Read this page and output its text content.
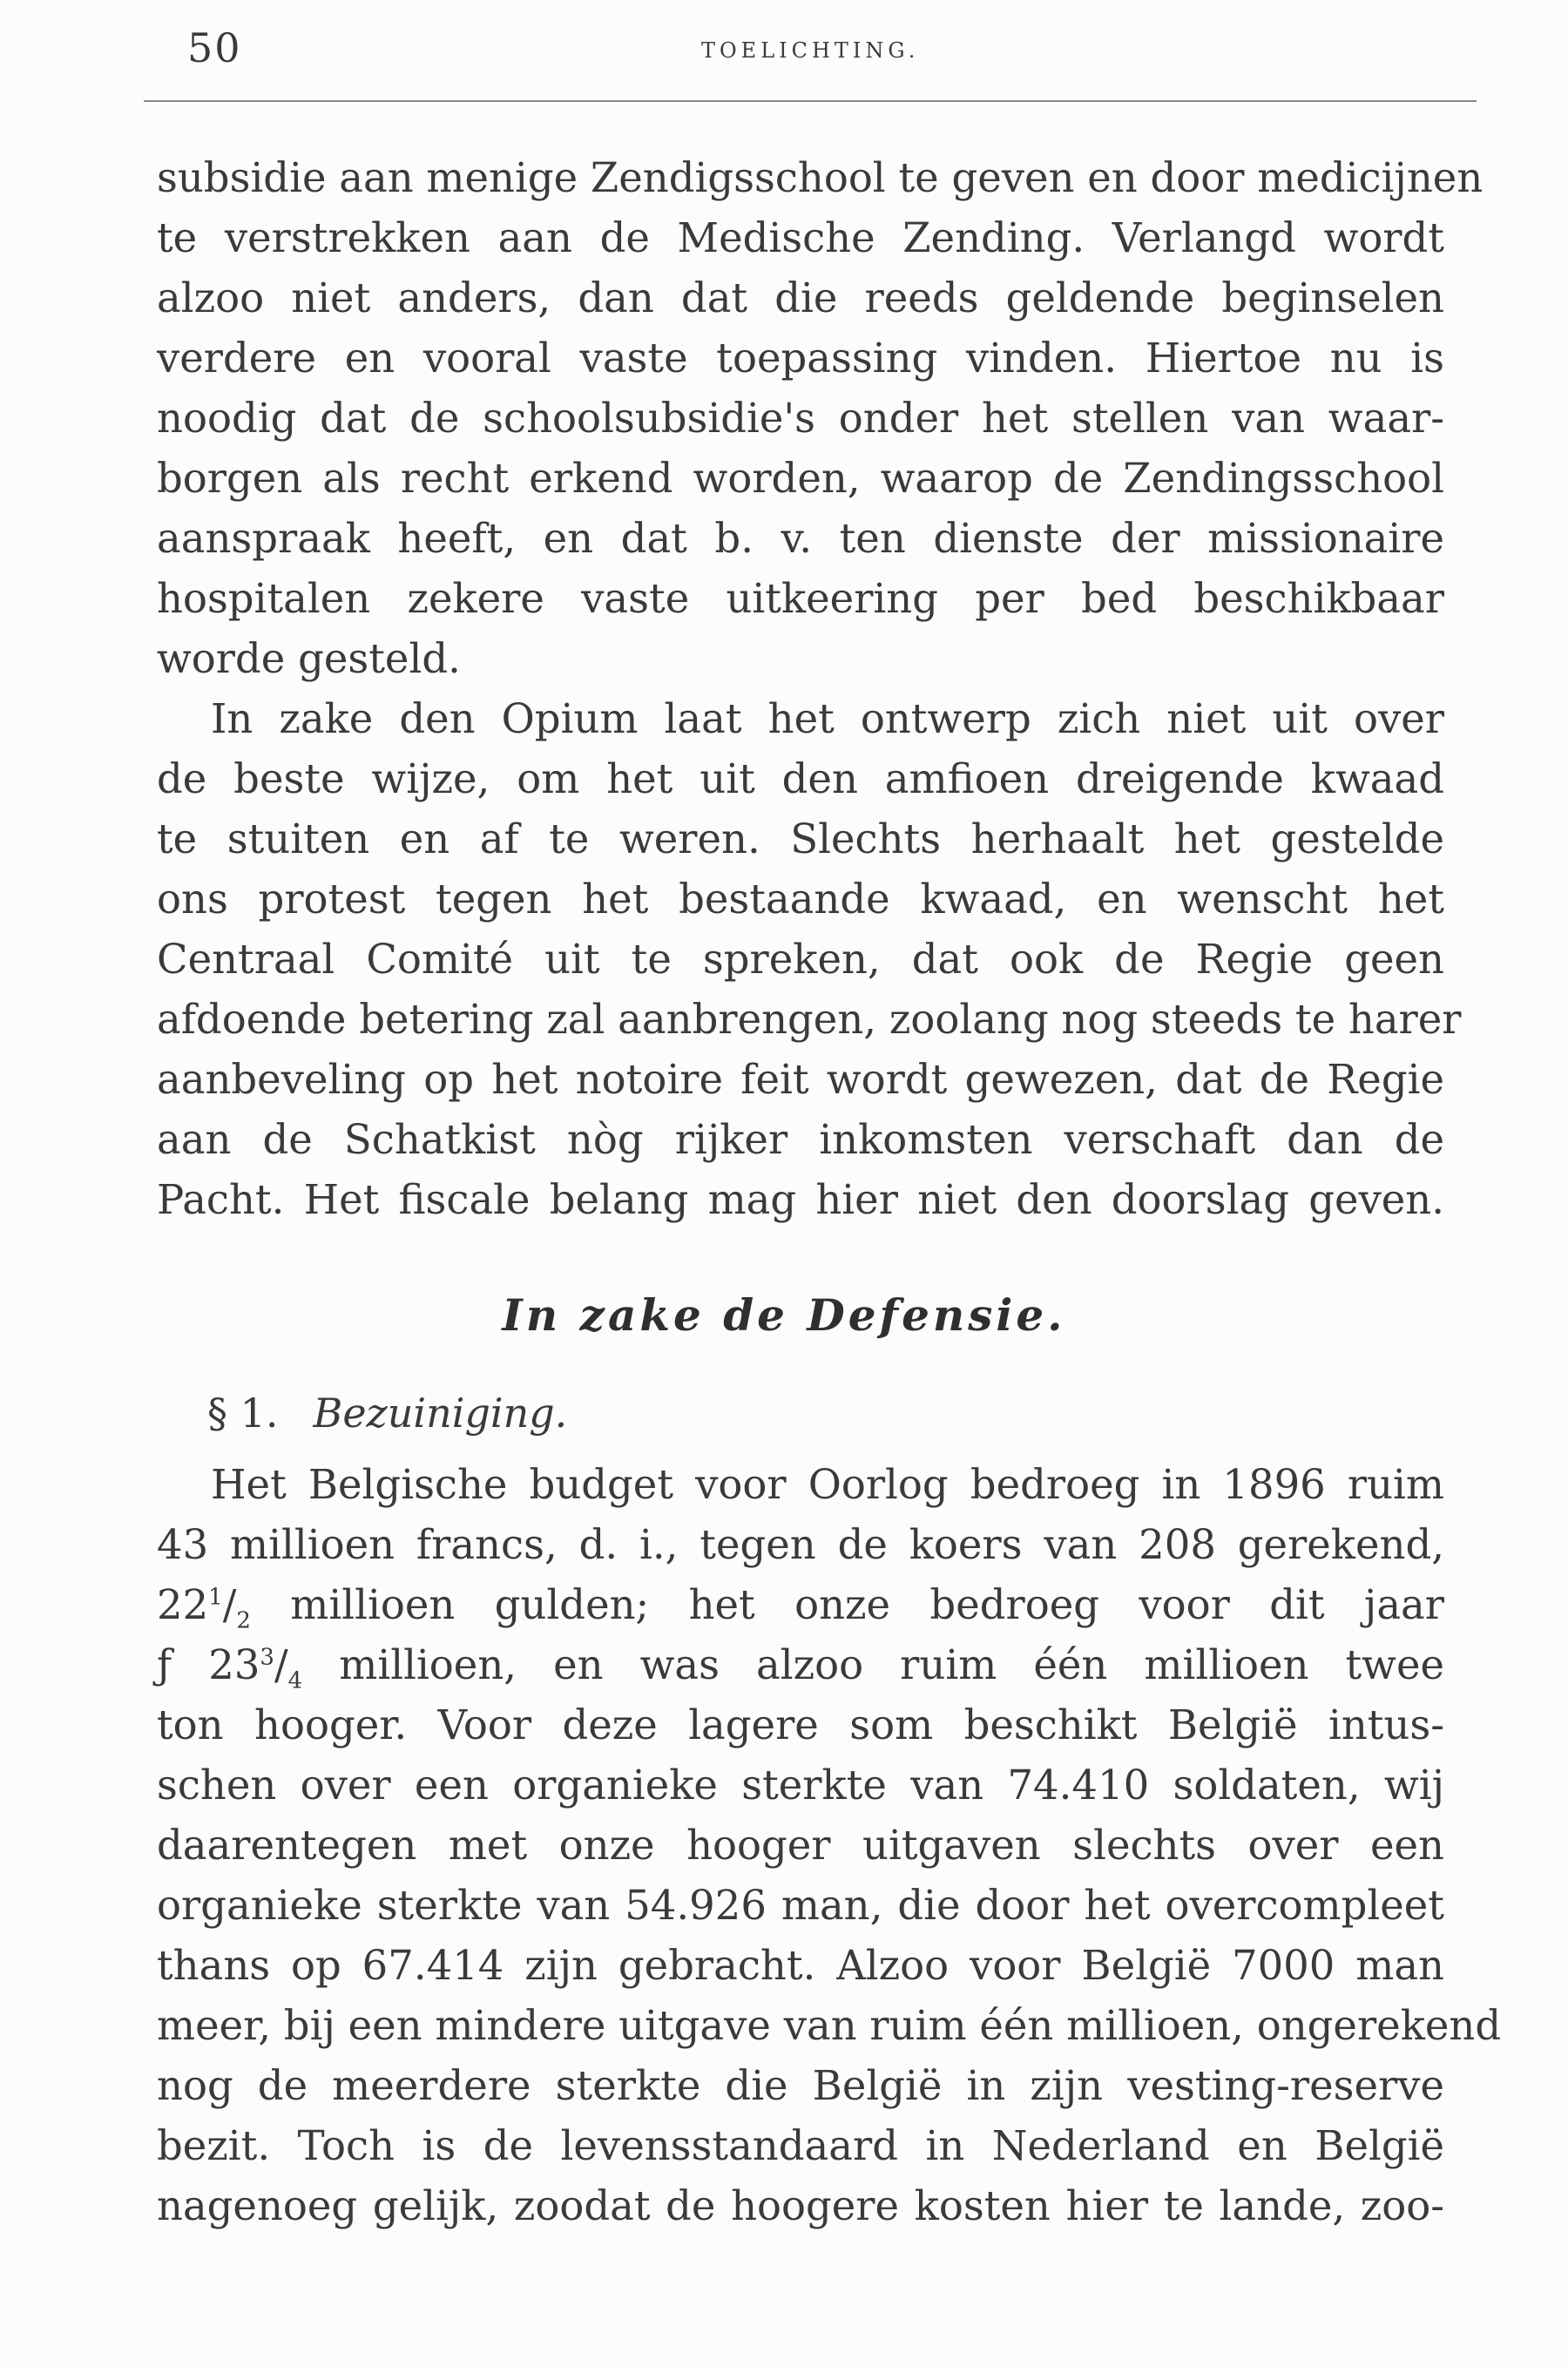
50	TOELICHTING.
subsidie aan menige Zendigsschool te geven en door medicijnen
te verstrekken aan de Medische Zending. Verlangd wordt
alzoo niet anders, dan dat die reeds geldende beginselen
verdere en vooral vaste toepassing vinden. Hiertoe nu is
noodig dat de schoolsubsidie's onder het stellen van waar-
borgen als recht erkend worden, waarop de Zendingsschool
aanspraak heeft, en dat b. v. ten dienste der missionaire
hospitalen zekere vaste uitkeering per bed beschikbaar
worde gesteld.
In zake den Opium laat het ontwerp zich niet uit over
de beste wijze, om het uit den amfioen dreigende kwaad
te stuiten en af te weren. Slechts herhaalt het gestelde
ons protest tegen het bestaande kwaad, en wenscht het
Centraal Comité uit te spreken, dat ook de Regie geen
afdoende betering zal aanbrengen, zoolang nog steeds te harer
aanbeveling op het notoire feit wordt gewezen, dat de Regie
aan de Schatkist nòg rijker inkomsten verschaft dan de
Pacht. Het fiscale belang mag hier niet den doorslag geven.
In zake de Defensie.
§ 1. Bezuiniging.
Het Belgische budget voor Oorlog bedroeg in 1896 ruim
43 millioen francs, d. i., tegen de koers van 208 gerekend,
$22^1/_2$ millioen gulden; het onze bedroeg voor dit jaar
ƒ $23^3/_4$ millioen, en was alzoo ruim één millioen twee
ton hooger. Voor deze lagere som beschikt België intus-
schen over een organieke sterkte van 74.410 soldaten, wij
daarentegen met onze hooger uitgaven slechts over een
organieke sterkte van 54.926 man, die door het overcompleet
thans op 67.414 zijn gebracht. Alzoo voor België 7000 man
meer, bij een mindere uitgave van ruim één millioen, ongerekend
nog de meerdere sterkte die België in zijn vesting-reserve
bezit. Toch is de levensstandaard in Nederland en België
nagenoeg gelijk, zoodat de hoogere kosten hier te lande, zoo-
